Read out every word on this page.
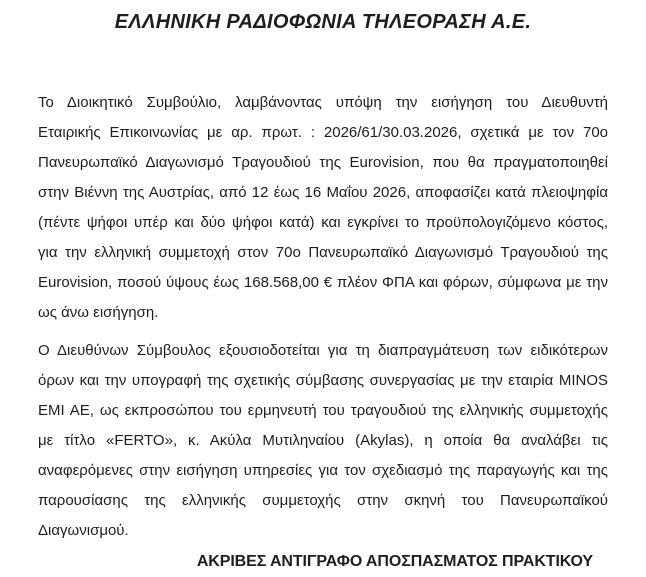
ΕΛΛΗΝΙΚΗ ΡΑΔΙΟΦΩΝΙΑ ΤΗΛΕΟΡΑΣΗ Α.Ε.
Το Διοικητικό Συμβούλιο, λαμβάνοντας υπόψη την εισήγηση του Διευθυντή
Εταιρικής Επικοινωνίας με αρ. πρωτ. : 2026/61/30.03.2026, σχετικά με τον 70ο
Πανευρωπαϊκό Διαγωνισμό Τραγουδιού της Eurovision, που θα πραγματοποιηθεί
στην Βιέννη της Αυστρίας, από 12 έως 16 Μαΐου 2026, αποφασίζει κατά πλειοψηφία
(πέντε ψήφοι υπέρ και δύο ψήφοι κατά) και εγκρίνει το προϋπολογιζόμενο κόστος,
για την ελληνική συμμετοχή στον 70ο Πανευρωπαϊκό Διαγωνισμό Τραγουδιού της
Eurovision, ποσού ύψους έως 168.568,00 € πλέον ΦΠΑ και φόρων, σύμφωνα με την
ως άνω εισήγηση.
Ο Διευθύνων Σύμβουλος εξουσιοδοτείται για τη διαπραγμάτευση των ειδικότερων
όρων και την υπογραφή της σχετικής σύμβασης συνεργασίας με την εταιρία MINOS
EMI AE, ως εκπροσώπου του ερμηνευτή του τραγουδιού της ελληνικής συμμετοχής
με τίτλο «FERTO», κ. Ακύλα Μυτιληναίου (Akylas), η οποία θα αναλάβει τις
αναφερόμενες στην εισήγηση υπηρεσίες για τον σχεδιασμό της παραγωγής και της
παρουσίασης της ελληνικής συμμετοχής στην σκηνή του Πανευρωπαϊκού
Διαγωνισμού.
ΑΚΡΙΒΕΣ ΑΝΤΙΓΡΑΦΟ ΑΠΟΣΠΑΣΜΑΤΟΣ ΠΡΑΚΤΙΚΟΥ
